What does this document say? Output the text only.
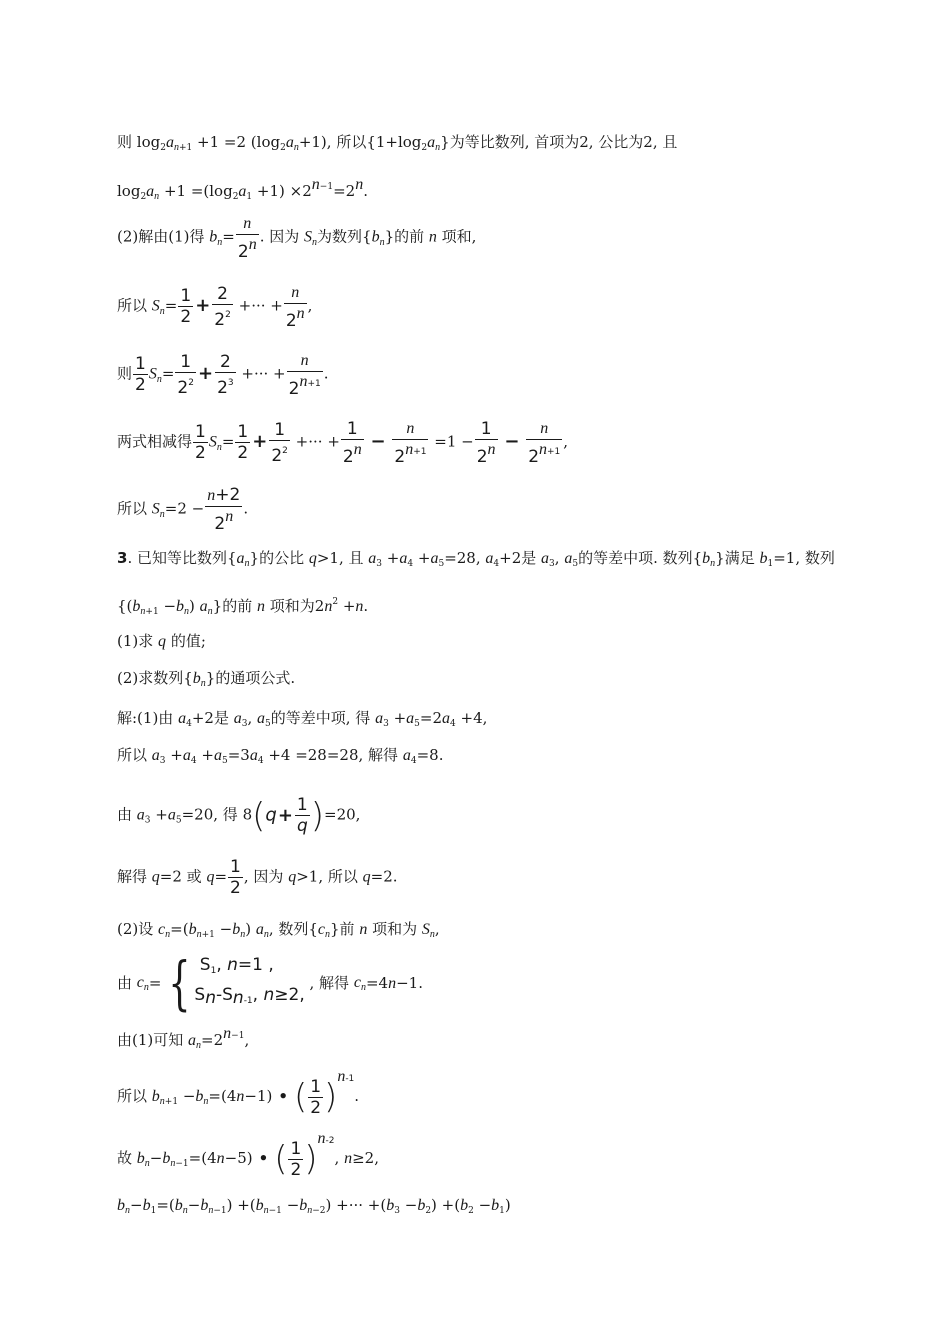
则 $\log_2a_{n+1} +1 =2$ $(\log_2a_n+1)$, 所以$\{1+\log_2a_n\}$为等比数列, 首项为2, 公比为2, 且
$\log_2a_n +1 =(\log_2a_1 +1) \times 2^{n-1}=2^n$.
(2)解由(1)得 $b_n= \frac{n}{2^n}$ . 因为 $S_n$为数列$\{b_n\}$的前 n 项和,
所以 $S_n= \frac{1}{2} + \frac{2}{2^2}$ +··· + $\frac{n}{2^n}$ ,
则 $\frac{1}{2} S_n= \frac{1}{2^2} + \frac{2}{2^3}$ +··· + $\frac{n}{2^{n+1}}$ .
两式相减得 $\frac{1}{2} S_n= \frac{1}{2} + \frac{1}{2^2}$ +··· + $\frac{1}{2^n} - \frac{n}{2^{n+1}} =1 - \frac{1}{2^n} - \frac{n}{2^{n+1}}$ ,
所以 $S_n=2 - \frac{n+2}{2^n}$ .
3. 已知等比数列$\{a_n\}$的公比 q>1, 且 $a_3 +a_4 +a_5=28$, $a_4+2$是 $a_3$, $a_5$的等差中项. 数列$\{b_n\}$满足 $b_1=1$, 数列
{$(b_{n+1} -b_n)$ $a_n$}的前 n 项和为$2n^2 +n$.
(1)求 q 的值;
(2)求数列$\{b_n\}$的通项公式.
解:(1)由 $a_4+2$是 $a_3$, $a_5$的等差中项, 得 $a_3 +a_5=2a_4 +4$,
所以 $a_3 +a_4 +a_5=3a_4 +4 =28=28$, 解得 $a_4=8$.
由 $a_3 +a_5=20$, 得 $8(q+ \frac{1}{q} )=20$,
解得 q=2 或 $q= \frac{1}{2}$ , 因为 q>1, 所以 q=2.
(2)设 $c_n=(b_{n+1} -b_n)$ $a_n$, 数列$\{c_n\}$前 n 项和为 $S_n$,
由 $c_n=$ { $S_1$, n=1 ,
$S_n-S_{n-1}$, n≥2,
, 解得 $c_n=4n-1$.
由(1)可知 $a_n=2^{n-1}$,
所以 $b_{n+1} -b_n=(4n-1)$ • ( $\frac{1}{2} )^{n-1}$.
故 $b_n-b_{n-1}=(4n-5)$ • ( $\frac{1}{2} )^{n-2}$, n≥2,
$b_n-b_1=(b_n-b_{n-1}) +(b_{n-1} -b_{n-2})$ +··· $+(b_3 -b_2) +(b_2 -b_1)$
